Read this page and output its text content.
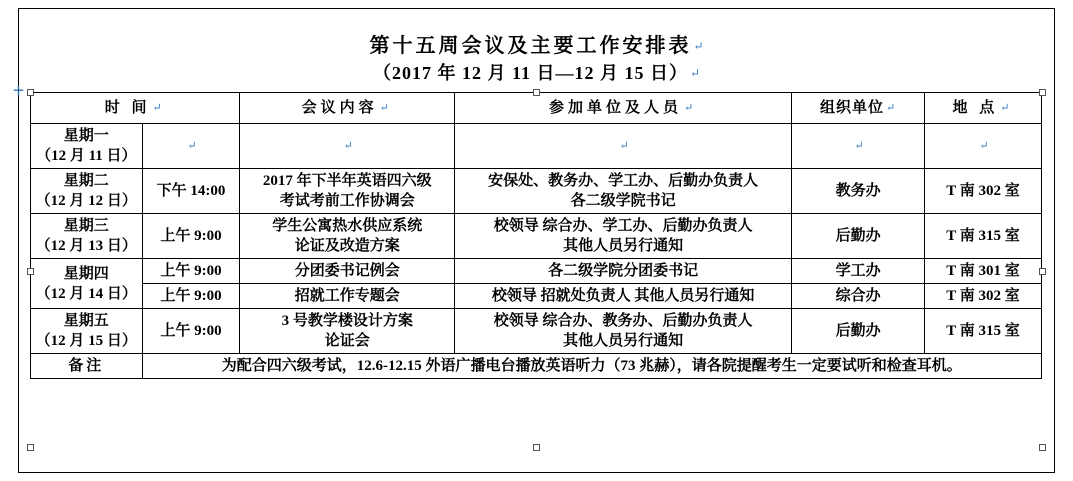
✛
第十五周会议及主要工作安排表 ↵
（2017 年 12 月 11 日—12 月 15 日） ↵
时 间 ↵		会议内容 ↵	参加单位及人员 ↵	组织单位 ↵	地 点 ↵

星期一
（12 月 11 日）	↵	↵	↵	↵	↵

星期二
（12 月 12 日）	下午 14:00	2017 年下半年英语四六级
考试考前工作协调会	安保处、教务办、学工办、后勤办负责人
各二级学院书记	教务办	T 南 302 室

星期三
（12 月 13 日）	上午 9:00	学生公寓热水供应系统
论证及改造方案	校领导 综合办、学工办、后勤办负责人
其他人员另行通知	后勤办	T 南 315 室

星期四
（12 月 14 日）	上午 9:00	分团委书记例会	各二级学院分团委书记	学工办	T 南 301 室
	上午 9:00	招就工作专题会	校领导 招就处负责人 其他人员另行通知	综合办	T 南 302 室

星期五
（12 月 15 日）	上午 9:00	3 号教学楼设计方案
论证会	校领导 综合办、教务办、后勤办负责人
其他人员另行通知	后勤办	T 南 315 室
备注	为配合四六级考试，12.6-12.15 外语广播电台播放英语听力（73 兆赫），请各院提醒考生一定要试听和检查耳机。				
